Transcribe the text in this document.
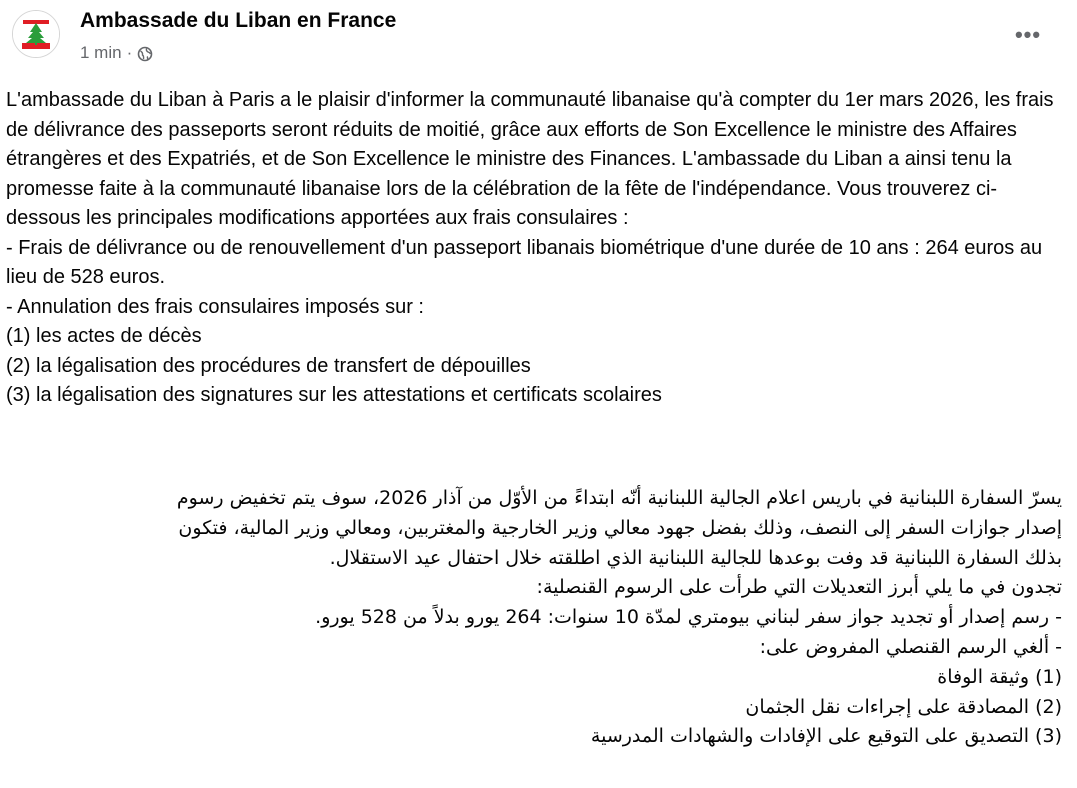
Ambassade du Liban en France
1 min ·
•••

L'ambassade du Liban à Paris a le plaisir d'informer la communauté libanaise qu'à compter du 1er mars 2026, les frais de délivrance des passeports seront réduits de moitié, grâce aux efforts de Son Excellence le ministre des Affaires étrangères et des Expatriés, et de Son Excellence le ministre des Finances. L'ambassade du Liban a ainsi tenu la promesse faite à la communauté libanaise lors de la célébration de la fête de l'indépendance. Vous trouverez ci-dessous les principales modifications apportées aux frais consulaires :

- Frais de délivrance ou de renouvellement d'un passeport libanais biométrique d'une durée de 10 ans : 264 euros au lieu de 528 euros.

- Annulation des frais consulaires imposés sur :

(1) les actes de décès

(2) la légalisation des procédures de transfert de dépouilles

(3) la légalisation des signatures sur les attestations et certificats scolaires

يسرّ السفارة اللبنانية في باريس اعلام الجالية اللبنانية أنّه ابتداءً من الأوّل من آذار 2026، سوف يتم تخفيض رسوم إصدار جوازات السفر إلى النصف، وذلك بفضل جهود معالي وزير الخارجية والمغتربين، ومعالي وزير المالية، فتكون بذلك السفارة اللبنانية قد وفت بوعدها للجالية اللبنانية الذي اطلقته خلال احتفال عيد الاستقلال.

تجدون في ما يلي أبرز التعديلات التي طرأت على الرسوم القنصلية:

- رسم إصدار أو تجديد جواز سفر لبناني بيومتري لمدّة 10 سنوات: 264 يورو بدلاً من 528 يورو.

- ألغي الرسم القنصلي المفروض على:

(1) وثيقة الوفاة

(2) المصادقة على إجراءات نقل الجثمان

(3) التصديق على التوقيع على الإفادات والشهادات المدرسية
